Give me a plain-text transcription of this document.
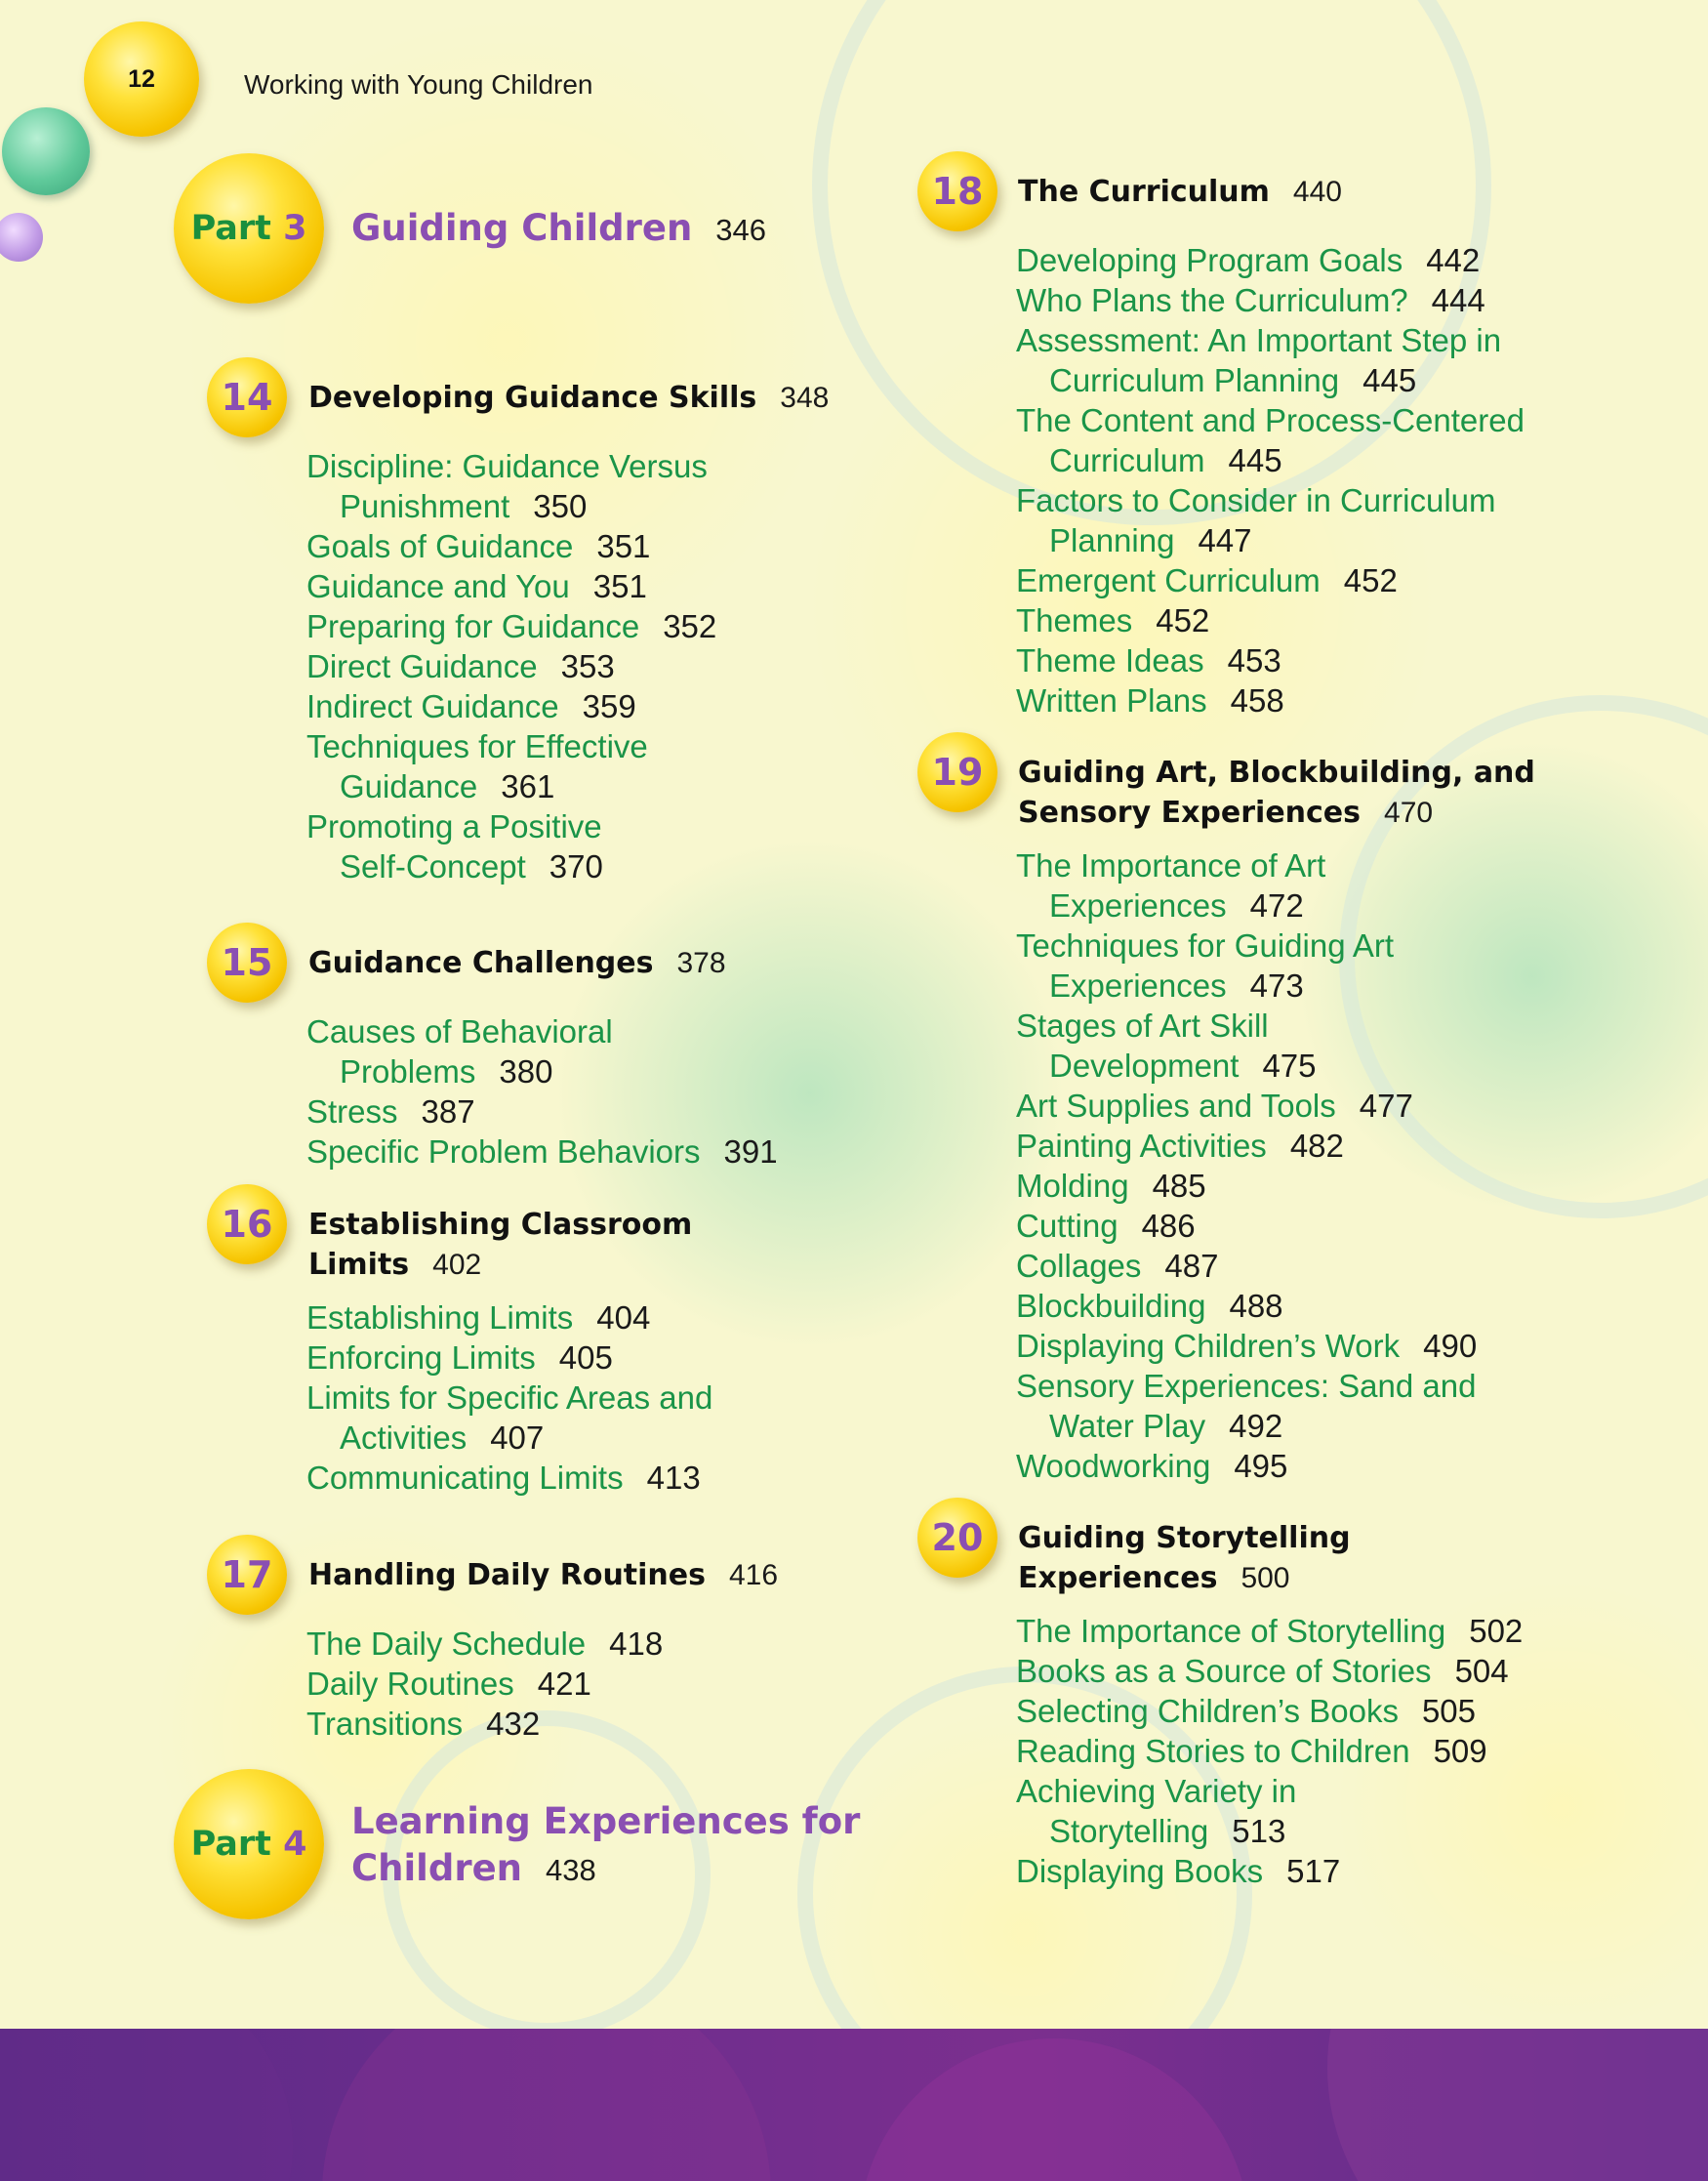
12	Working with Young Children
Part 3	Guiding Children 346
14	Developing Guidance Skills 348
Discipline: Guidance Versus
Punishment 350
Goals of Guidance 351
Guidance and You 351
Preparing for Guidance 352
Direct Guidance 353
Indirect Guidance 359
Techniques for Effective
Guidance 361
Promoting a Positive
Self-Concept 370
15	Guidance Challenges 378
Causes of Behavioral
Problems 380
Stress 387
Specific Problem Behaviors 391
16	Establishing Classroom
Limits 402
Establishing Limits 404
Enforcing Limits 405
Limits for Specific Areas and
Activities 407
Communicating Limits 413
17	Handling Daily Routines 416
The Daily Schedule 418
Daily Routines 421
Transitions 432
Part 4
Learning Experiences for
Children 438
18	The Curriculum 440
Developing Program Goals 442
Who Plans the Curriculum? 444
Assessment: An Important Step in
Curriculum Planning 445
The Content and Process-Centered
Curriculum 445
Factors to Consider in Curriculum
Planning 447
Emergent Curriculum 452
Themes 452
Theme Ideas 453
Written Plans 458
19	Guiding Art, Blockbuilding, and
Sensory Experiences 470
The Importance of Art
Experiences 472
Techniques for Guiding Art
Experiences 473
Stages of Art Skill
Development 475
Art Supplies and Tools 477
Painting Activities 482
Molding 485
Cutting 486
Collages 487
Blockbuilding 488
Displaying Children’s Work 490
Sensory Experiences: Sand and
Water Play 492
Woodworking 495
20	Guiding Storytelling
Experiences 500
The Importance of Storytelling 502
Books as a Source of Stories 504
Selecting Children’s Books 505
Reading Stories to Children 509
Achieving Variety in
Storytelling 513
Displaying Books 517
